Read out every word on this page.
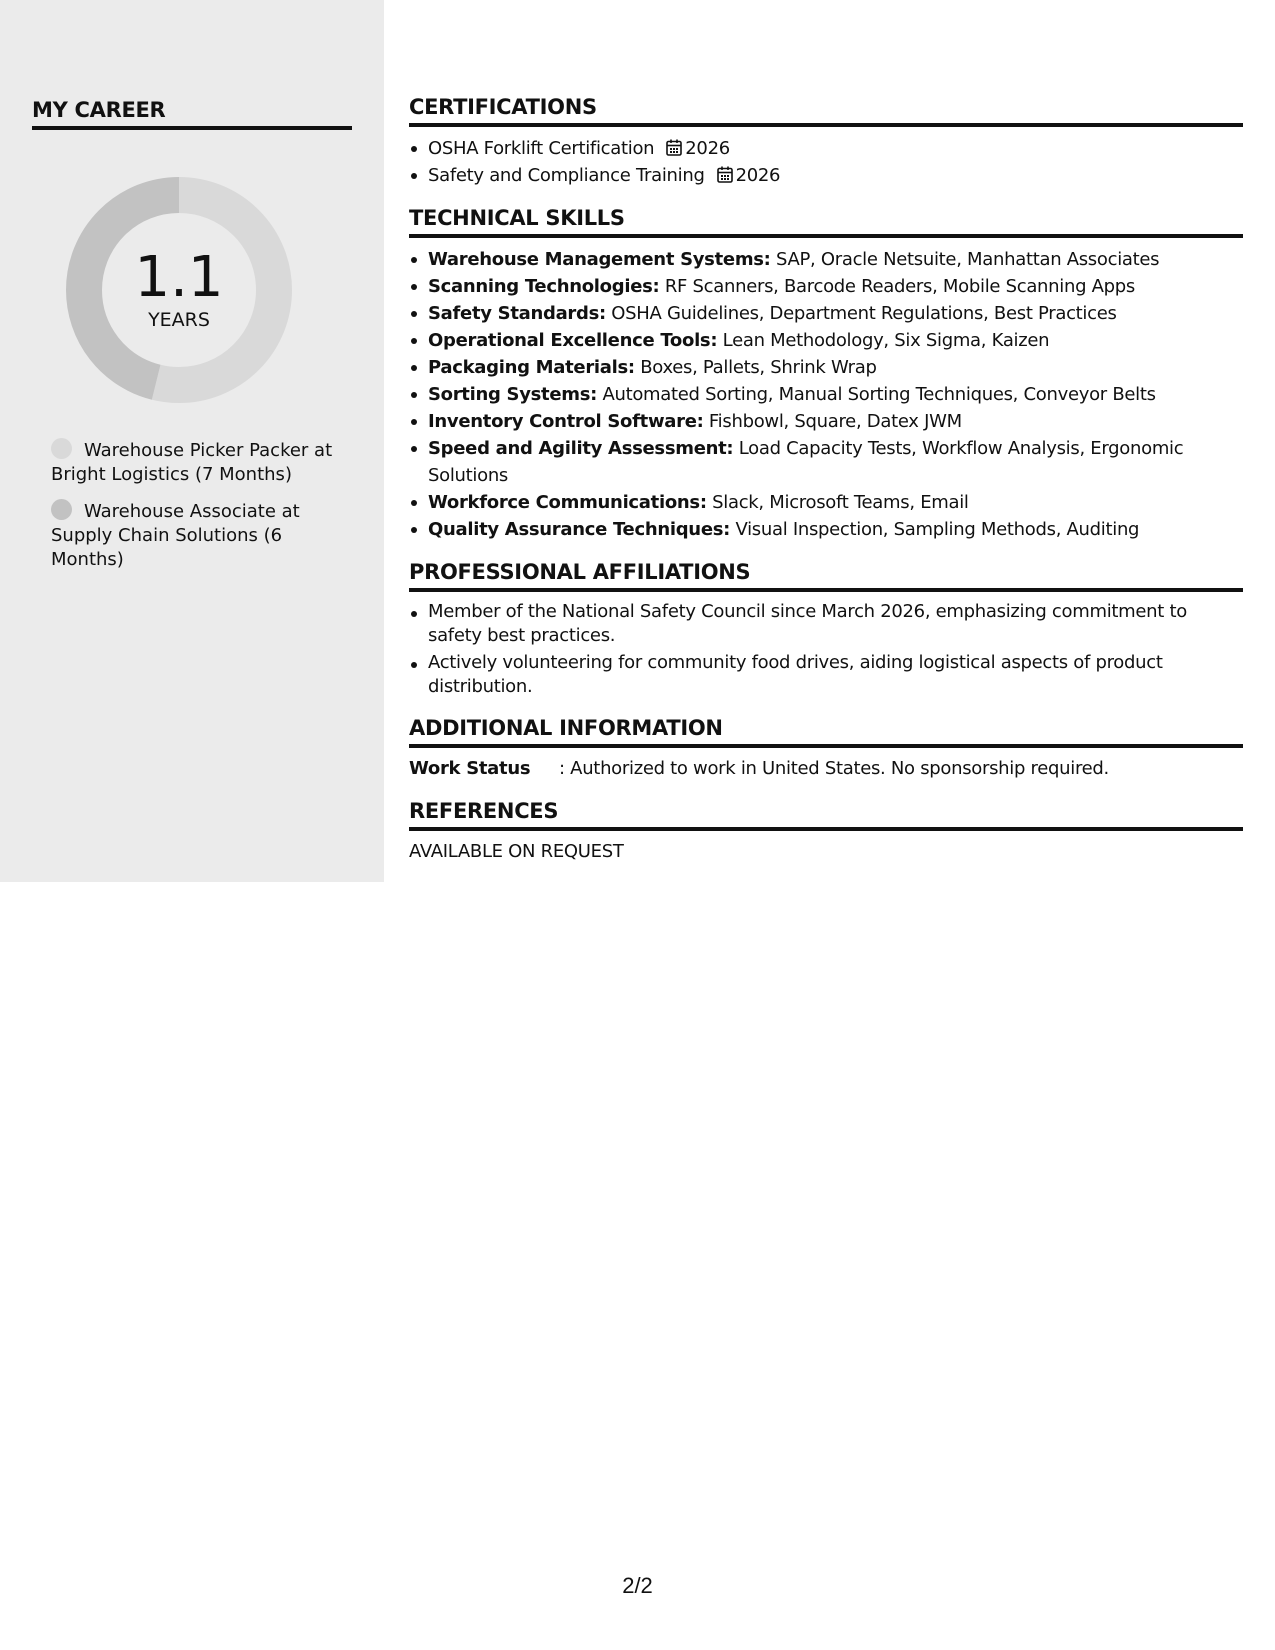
MY CAREER
1.1
YEARS
Warehouse Picker Packer at Bright Logistics (7 Months)
Warehouse Associate at Supply Chain Solutions (6 Months)
CERTIFICATIONS
OSHA Forklift Certification 2026
Safety and Compliance Training 2026
TECHNICAL SKILLS
Warehouse Management Systems: SAP, Oracle Netsuite, Manhattan Associates
Scanning Technologies: RF Scanners, Barcode Readers, Mobile Scanning Apps
Safety Standards: OSHA Guidelines, Department Regulations, Best Practices
Operational Excellence Tools: Lean Methodology, Six Sigma, Kaizen
Packaging Materials: Boxes, Pallets, Shrink Wrap
Sorting Systems: Automated Sorting, Manual Sorting Techniques, Conveyor Belts
Inventory Control Software: Fishbowl, Square, Datex JWM
Speed and Agility Assessment: Load Capacity Tests, Workflow Analysis, Ergonomic Solutions
Workforce Communications: Slack, Microsoft Teams, Email
Quality Assurance Techniques: Visual Inspection, Sampling Methods, Auditing
PROFESSIONAL AFFILIATIONS
Member of the National Safety Council since March 2026, emphasizing commitment to safety best practices.
Actively volunteering for community food drives, aiding logistical aspects of product distribution.
ADDITIONAL INFORMATION
Work Status	: Authorized to work in United States. No sponsorship required.
REFERENCES
AVAILABLE ON REQUEST
2/2
